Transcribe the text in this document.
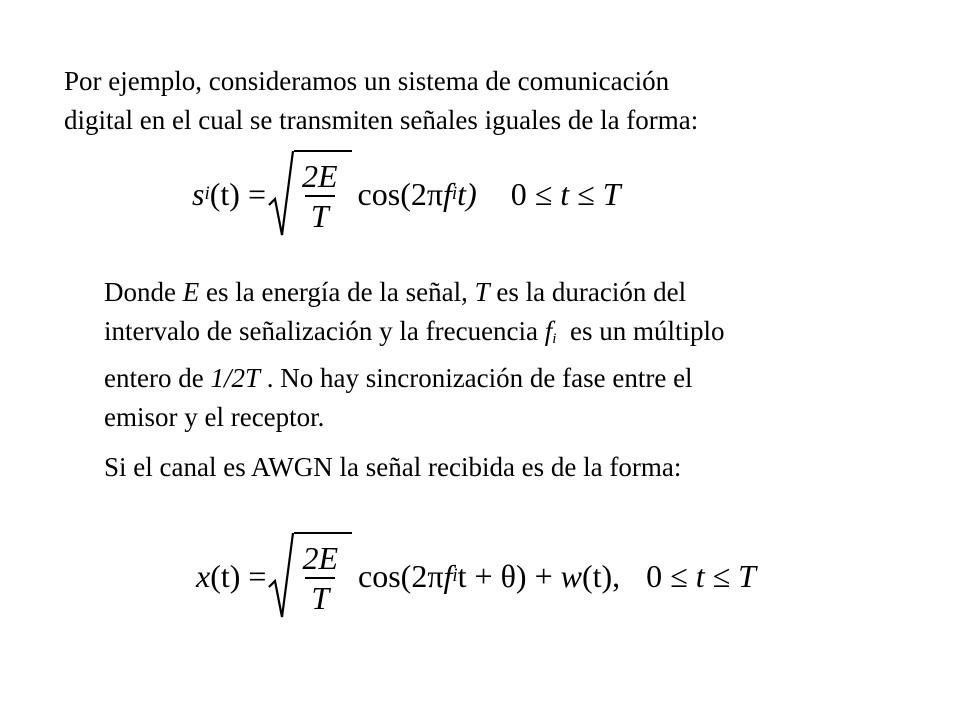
Por ejemplo, consideramos un sistema de comunicación
digital en el cual se transmiten señales iguales de la forma:
s i $(t) = \frac{2E}{T} \cos(2\pi$ f i t) 0 ≤ t ≤ T
Donde E es la energía de la señal, T es la duración del
intervalo de señalización y la frecuencia $f_i$  es un múltiplo
entero de 1/2T . No hay sincronización de fase entre el
emisor y el receptor.
Si el canal es AWGN la señal recibida es de la forma:
x $(t) = \frac{2E}{T} \cos(2\pi$ f i t + θ) + w (t), 0 ≤ t ≤ T
